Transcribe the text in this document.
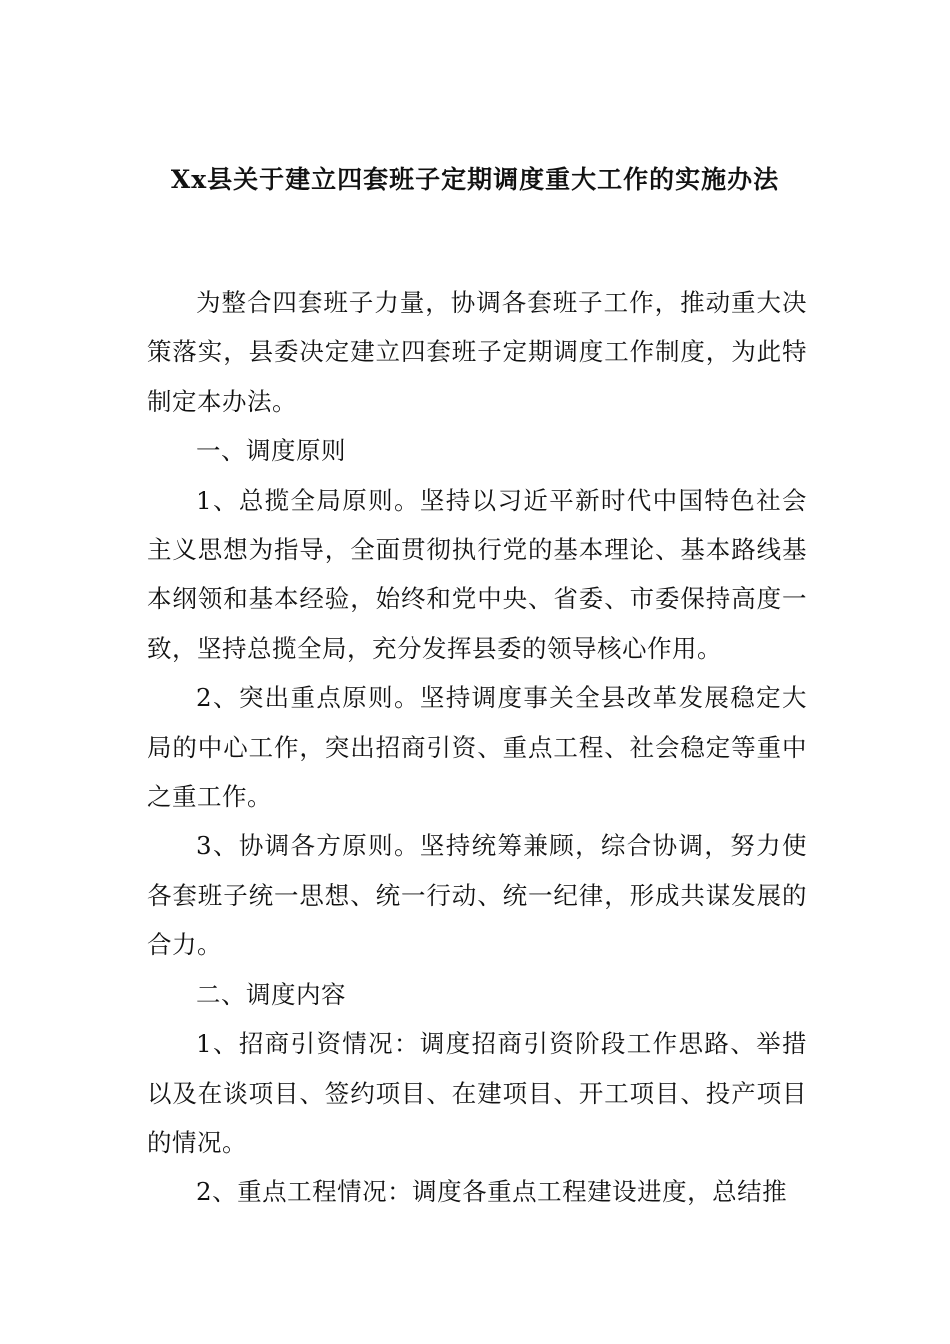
Xx县关于建立四套班子定期调度重大工作的实施办法

为整合四套班子力量，协调各套班子工作，推动重大决策落实，县委决定建立四套班子定期调度工作制度，为此特制定本办法。

一、调度原则

1、总揽全局原则。坚持以习近平新时代中国特色社会主义思想为指导，全面贯彻执行党的基本理论、基本路线基本纲领和基本经验，始终和党中央、省委、市委保持高度一致，坚持总揽全局，充分发挥县委的领导核心作用。

2、突出重点原则。坚持调度事关全县改革发展稳定大局的中心工作，突出招商引资、重点工程、社会稳定等重中之重工作。

3、协调各方原则。坚持统筹兼顾，综合协调，努力使各套班子统一思想、统一行动、统一纪律，形成共谋发展的合力。

二、调度内容

1、招商引资情况：调度招商引资阶段工作思路、举措以及在谈项目、签约项目、在建项目、开工项目、投产项目的情况。

2、重点工程情况：调度各重点工程建设进度，总结推
